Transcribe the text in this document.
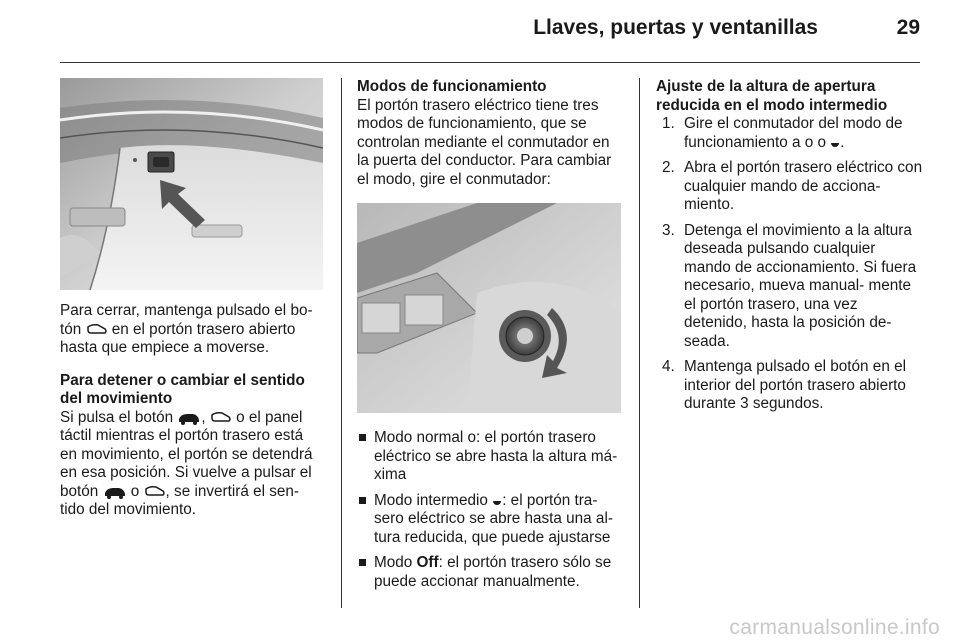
Llaves, puertas y ventanillas	29

Para cerrar, mantenga pulsado el bo-
tón en el portón trasero abierto
hasta que empiece a moverse.

Para detener o cambiar el sentido del movimiento

Si pulsa el botón , o el panel táctil mientras el portón trasero está en movimiento, el portón se detendrá en esa posición. Si vuelve a pulsar el botón o , se invertirá el sen- tido del movimiento.

Modos de funcionamiento

El portón trasero eléctrico tiene tres modos de funcionamiento, que se controlan mediante el conmutador en la puerta del conductor. Para cambiar el modo, gire el conmutador:

Modo normal o: el portón trasero eléctrico se abre hasta la altura má- xima
Modo intermedio : el portón tra- sero eléctrico se abre hasta una al- tura reducida, que puede ajustarse
Modo Off: el portón trasero sólo se puede accionar manualmente.

Ajuste de la altura de apertura reducida en el modo intermedio

1. Gire el conmutador del modo de funcionamiento a o o .
2. Abra el portón trasero eléctrico con cualquier mando de acciona- miento.
3. Detenga el movimiento a la altura deseada pulsando cualquier mando de accionamiento. Si fuera necesario, mueva manual- mente el portón trasero, una vez detenido, hasta la posición de- seada.
4. Mantenga pulsado el botón en el interior del portón trasero abierto durante 3 segundos.
carmanualsonline.info
